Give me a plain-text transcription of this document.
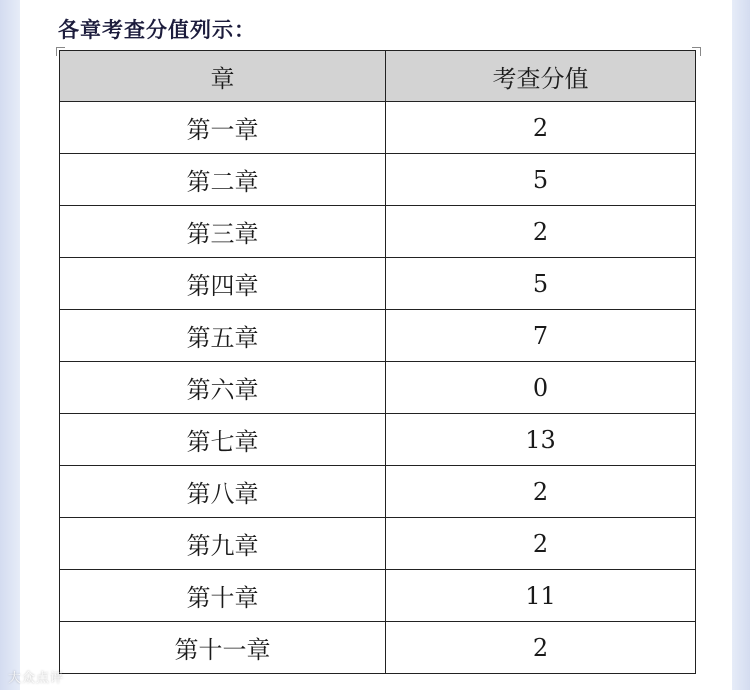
各章考查分值列示：
章	考查分值
第一章	2
第二章	5
第三章	2
第四章	5
第五章	7
第六章	0
第七章	13
第八章	2
第九章	2
第十章	11
第十一章	2
大众点评
